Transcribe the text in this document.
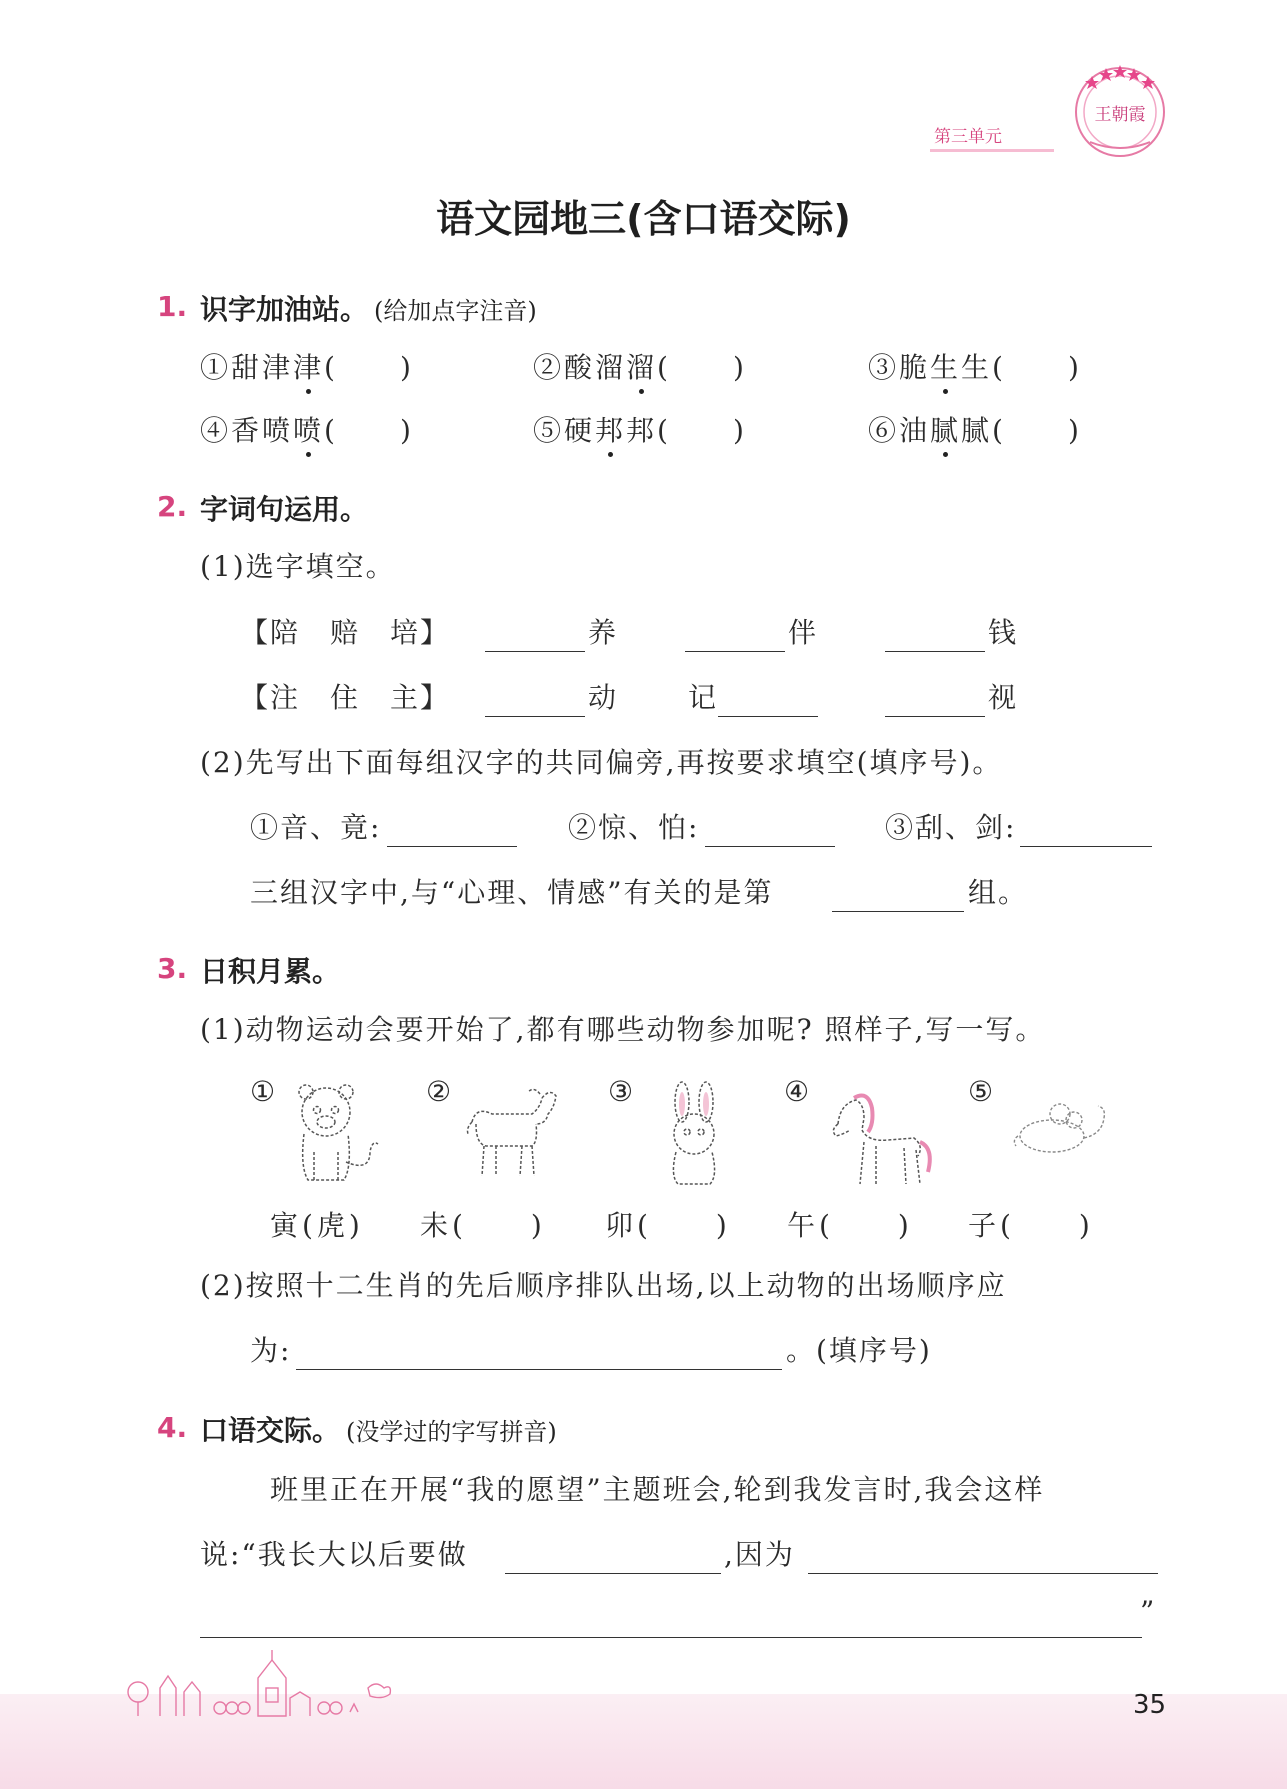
王朝霞
第三单元
语文园地三(含口语交际)
1. 识字加油站。 (给加点字注音)
①甜津津(　　)	②酸溜溜(　　)	③脆生生(　　)
④香喷喷(　　)	⑤硬邦邦(　　)	⑥油腻腻(　　)
2. 字词句运用。
(1)选字填空。
【陪　赔　培】	养	伴	钱
【注　住　主】	动 记	视
(2)先写出下面每组汉字的共同偏旁,再按要求填空(填序号)。
①音、竟:	②惊、怕:	③刮、剑:
三组汉字中,与“心理、情感”有关的是第	组。
3. 日积月累。
(1)动物运动会要开始了,都有哪些动物参加呢? 照样子,写一写。
①
寅(虎)
②
未(　　)
③
卯(　　)
④
午(　　)
⑤
子(　　)
(2)按照十二生肖的先后顺序排队出场,以上动物的出场顺序应
为:	。(填序号)
4. 口语交际。 (没学过的字写拼音)
班里正在开展“我的愿望”主题班会,轮到我发言时,我会这样
说:“我长大以后要做	,因为
”
35
